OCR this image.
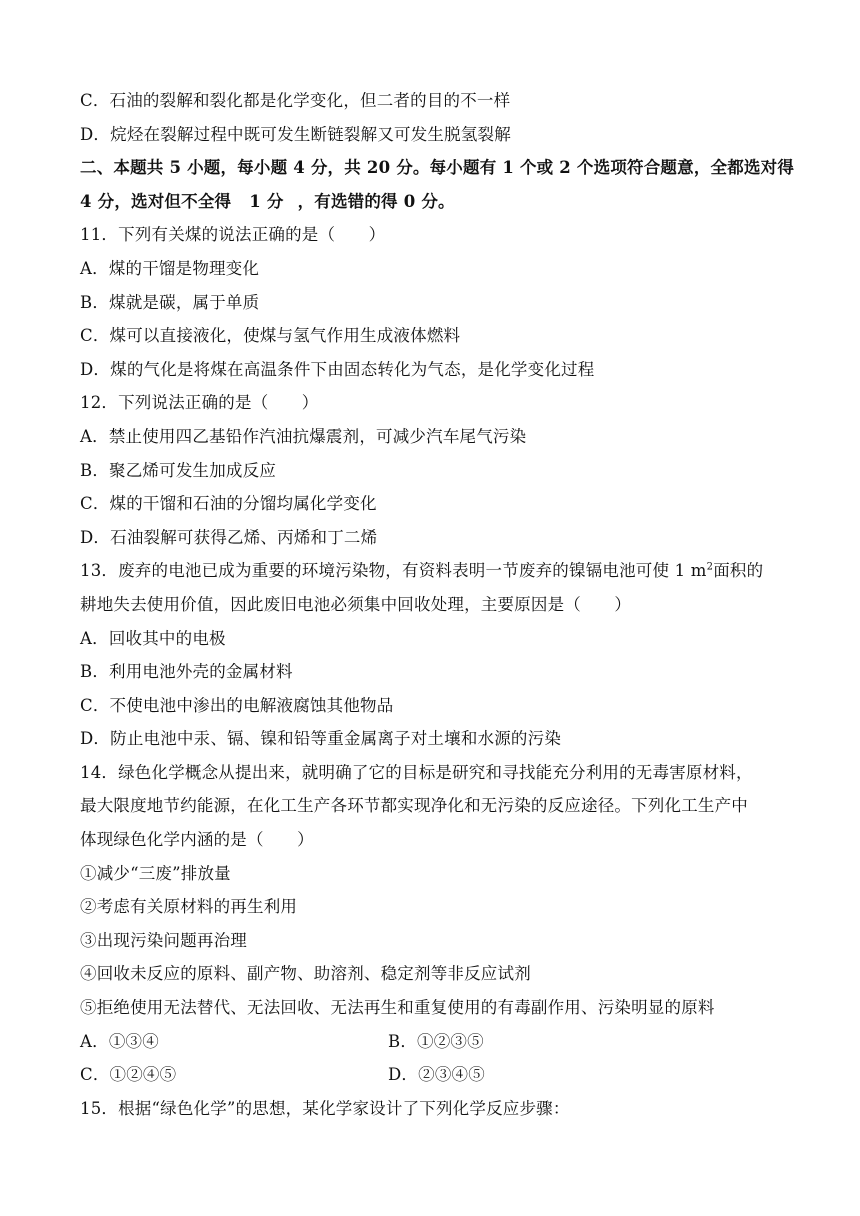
C．石油的裂解和裂化都是化学变化，但二者的目的不一样
D．烷烃在裂解过程中既可发生断链裂解又可发生脱氢裂解
二、本题共 5 小题，每小题 4 分，共 20 分。每小题有 1 个或 2 个选项符合题意，全都选对得
4 分，选对但不全得 1 分 ，有选错的得 0 分。
11．下列有关煤的说法正确的是（　　）
A．煤的干馏是物理变化
B．煤就是碳，属于单质
C．煤可以直接液化，使煤与氢气作用生成液体燃料
D．煤的气化是将煤在高温条件下由固态转化为气态，是化学变化过程
12．下列说法正确的是（　　）
A．禁止使用四乙基铅作汽油抗爆震剂，可减少汽车尾气污染
B．聚乙烯可发生加成反应
C．煤的干馏和石油的分馏均属化学变化
D．石油裂解可获得乙烯、丙烯和丁二烯
13．废弃的电池已成为重要的环境污染物，有资料表明一节废弃的镍镉电池可使 1 $m^2$面积的
耕地失去使用价值，因此废旧电池必须集中回收处理，主要原因是（　　）
A．回收其中的电极
B．利用电池外壳的金属材料
C．不使电池中渗出的电解液腐蚀其他物品
D．防止电池中汞、镉、镍和铅等重金属离子对土壤和水源的污染
14．绿色化学概念从提出来，就明确了它的目标是研究和寻找能充分利用的无毒害原材料，
最大限度地节约能源，在化工生产各环节都实现净化和无污染的反应途径。下列化工生产中
体现绿色化学内涵的是（　　）
①减少“三废”排放量
②考虑有关原材料的再生利用
③出现污染问题再治理
④回收未反应的原料、副产物、助溶剂、稳定剂等非反应试剂
⑤拒绝使用无法替代、无法回收、无法再生和重复使用的有毒副作用、污染明显的原料
A．①③④	B．①②③⑤
C．①②④⑤	D．②③④⑤
15．根据“绿色化学”的思想，某化学家设计了下列化学反应步骤：
